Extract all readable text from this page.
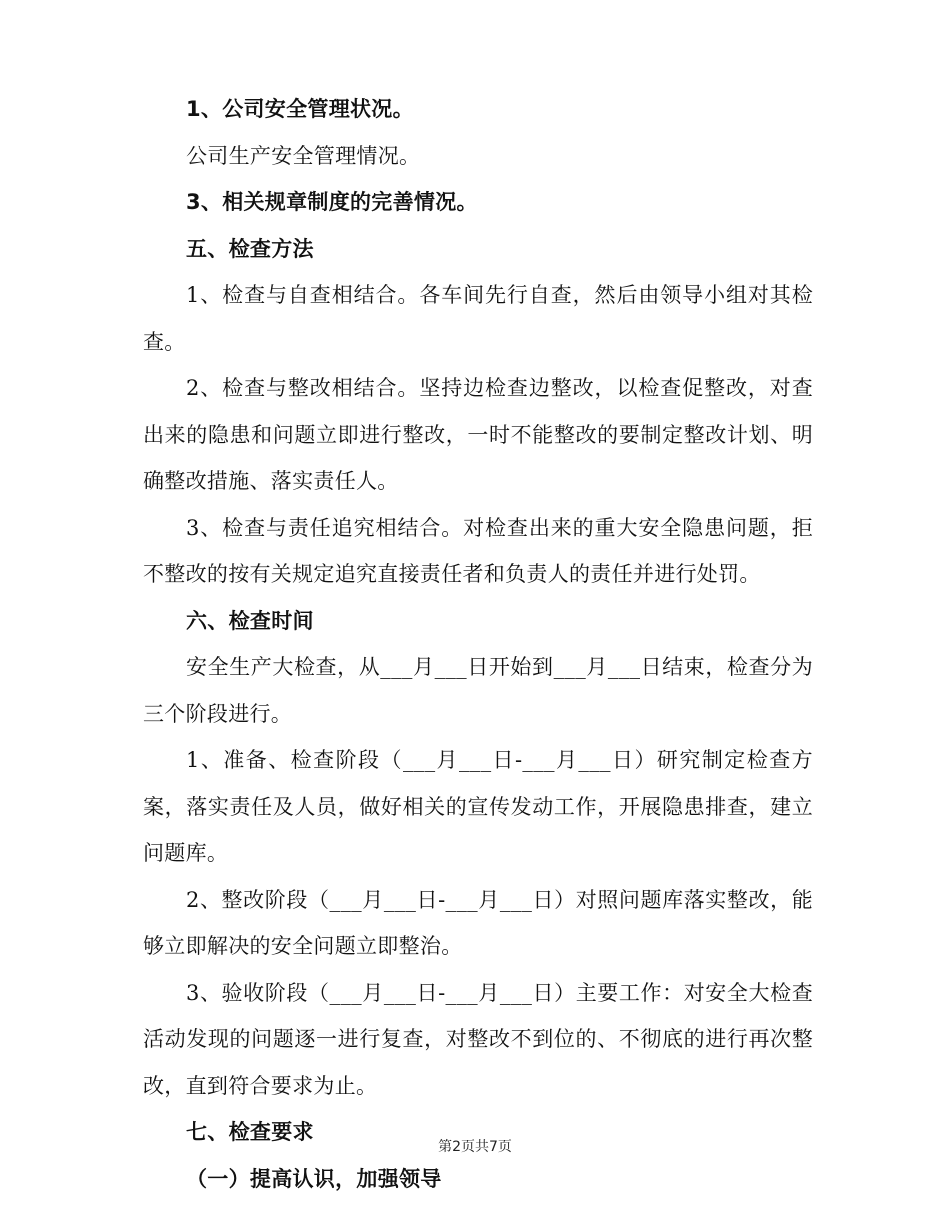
1、公司安全管理状况。

公司生产安全管理情况。

3、相关规章制度的完善情况。

五、检查方法

1、检查与自查相结合。各车间先行自查，然后由领导小组对其检查。

2、检查与整改相结合。坚持边检查边整改，以检查促整改，对查出来的隐患和问题立即进行整改，一时不能整改的要制定整改计划、明确整改措施、落实责任人。

3、检查与责任追究相结合。对检查出来的重大安全隐患问题，拒不整改的按有关规定追究直接责任者和负责人的责任并进行处罚。

六、检查时间

安全生产大检查，从___月___日开始到___月___日结束，检查分为三个阶段进行。

1、准备、检查阶段（___月___日-___月___日）研究制定检查方案，落实责任及人员，做好相关的宣传发动工作，开展隐患排查，建立问题库。

2、整改阶段（___月___日-___月___日）对照问题库落实整改，能够立即解决的安全问题立即整治。

3、验收阶段（___月___日-___月___日）主要工作：对安全大检查活动发现的问题逐一进行复查，对整改不到位的、不彻底的进行再次整改，直到符合要求为止。

七、检查要求

（一）提高认识，加强领导

第2页共7页
